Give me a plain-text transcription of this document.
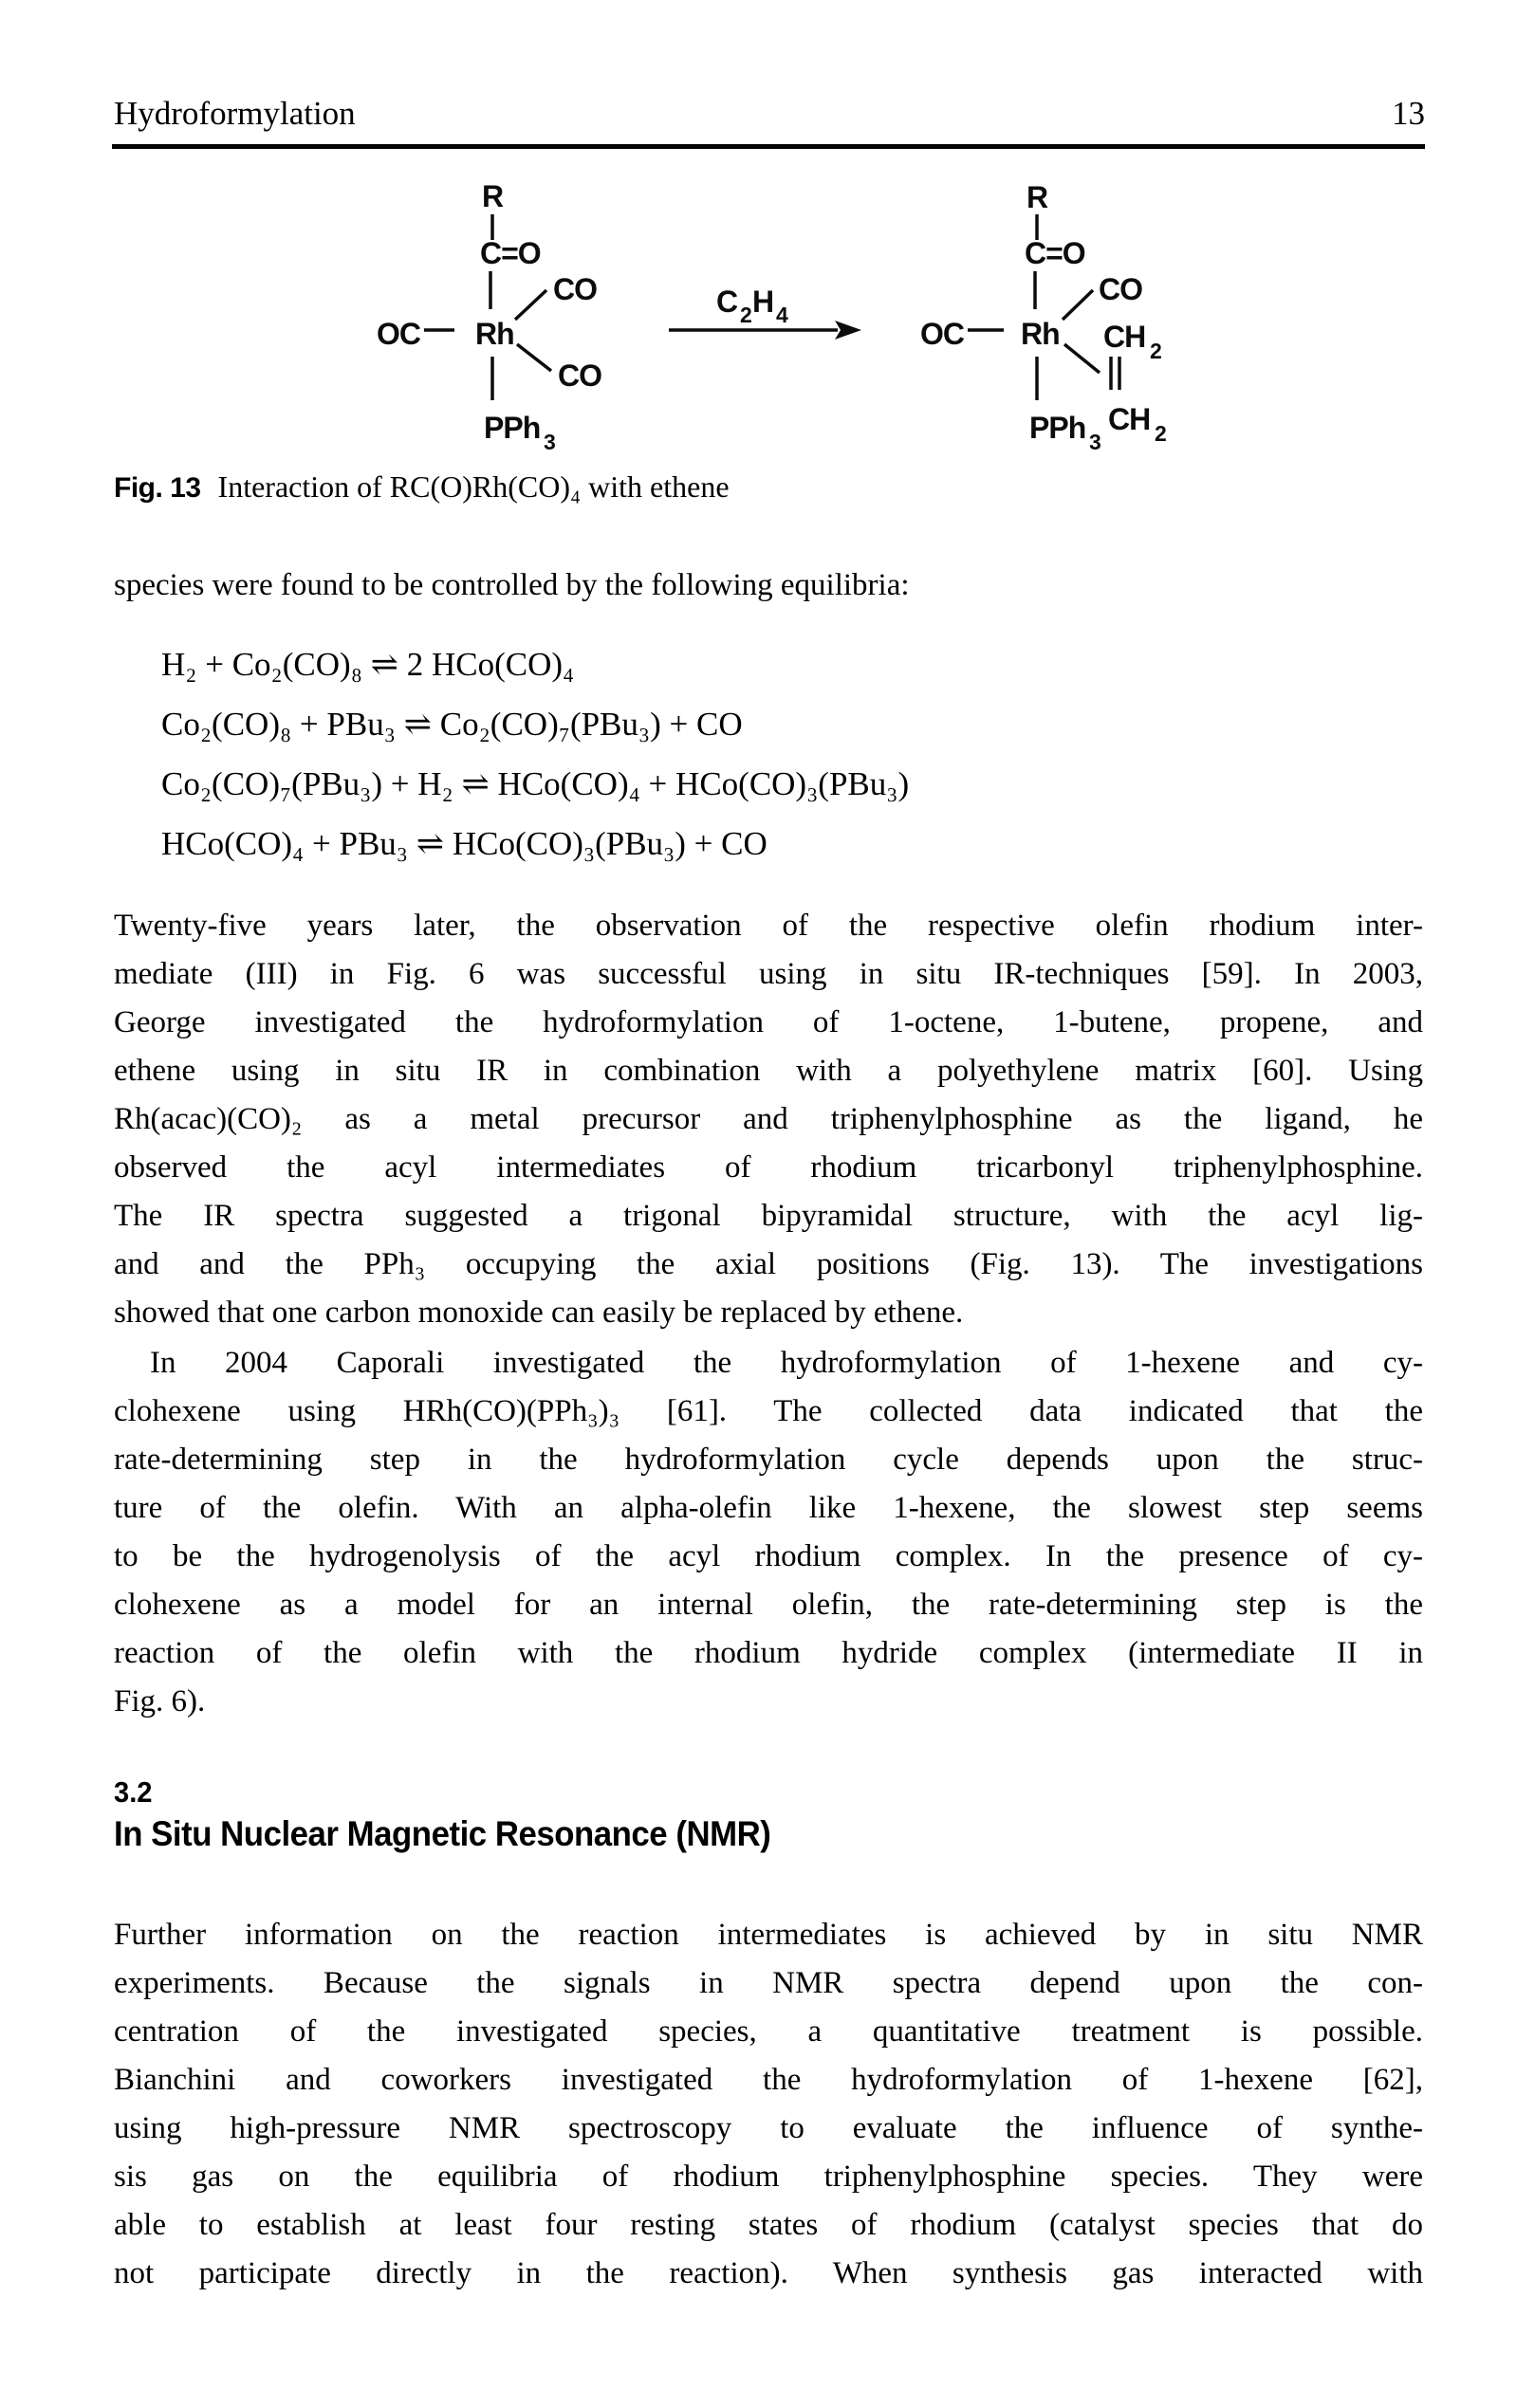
Hydroformylation	13
R
C=O
OC Rh
CO
CO
PPh 3
C 2 H 4
R
C=O
OC Rh
CO
CH 2
CH 2
PPh 3
Fig. 13 Interaction of RC(O)Rh(CO)₄ with ethene
species were found to be controlled by the following equilibria:
H₂ + Co₂(CO)₈ ⇌ 2 HCo(CO)₄
Co₂(CO)₈ + PBu₃ ⇌ Co₂(CO)₇(PBu₃) + CO
Co₂(CO)₇(PBu₃) + H₂ ⇌ HCo(CO)₄ + HCo(CO)₃(PBu₃)
HCo(CO)₄ + PBu₃ ⇌ HCo(CO)₃(PBu₃) + CO
Twenty-five years later, the observation of the respective olefin rhodium inter-
mediate (III) in Fig. 6 was successful using in situ IR-techniques [59]. In 2003,
George investigated the hydroformylation of 1-octene, 1-butene, propene, and
ethene using in situ IR in combination with a polyethylene matrix [60]. Using
Rh(acac)(CO)₂ as a metal precursor and triphenylphosphine as the ligand, he
observed the acyl intermediates of rhodium tricarbonyl triphenylphosphine.
The IR spectra suggested a trigonal bipyramidal structure, with the acyl lig-
and and the PPh₃ occupying the axial positions (Fig. 13). The investigations
showed that one carbon monoxide can easily be replaced by ethene.
In 2004 Caporali investigated the hydroformylation of 1-hexene and cy-
clohexene using HRh(CO)(PPh₃)₃ [61]. The collected data indicated that the
rate-determining step in the hydroformylation cycle depends upon the struc-
ture of the olefin. With an alpha-olefin like 1-hexene, the slowest step seems
to be the hydrogenolysis of the acyl rhodium complex. In the presence of cy-
clohexene as a model for an internal olefin, the rate-determining step is the
reaction of the olefin with the rhodium hydride complex (intermediate II in
Fig. 6).
3.2
In Situ Nuclear Magnetic Resonance (NMR)
Further information on the reaction intermediates is achieved by in situ NMR
experiments. Because the signals in NMR spectra depend upon the con-
centration of the investigated species, a quantitative treatment is possible.
Bianchini and coworkers investigated the hydroformylation of 1-hexene [62],
using high-pressure NMR spectroscopy to evaluate the influence of synthe-
sis gas on the equilibria of rhodium triphenylphosphine species. They were
able to establish at least four resting states of rhodium (catalyst species that do
not participate directly in the reaction). When synthesis gas interacted with
